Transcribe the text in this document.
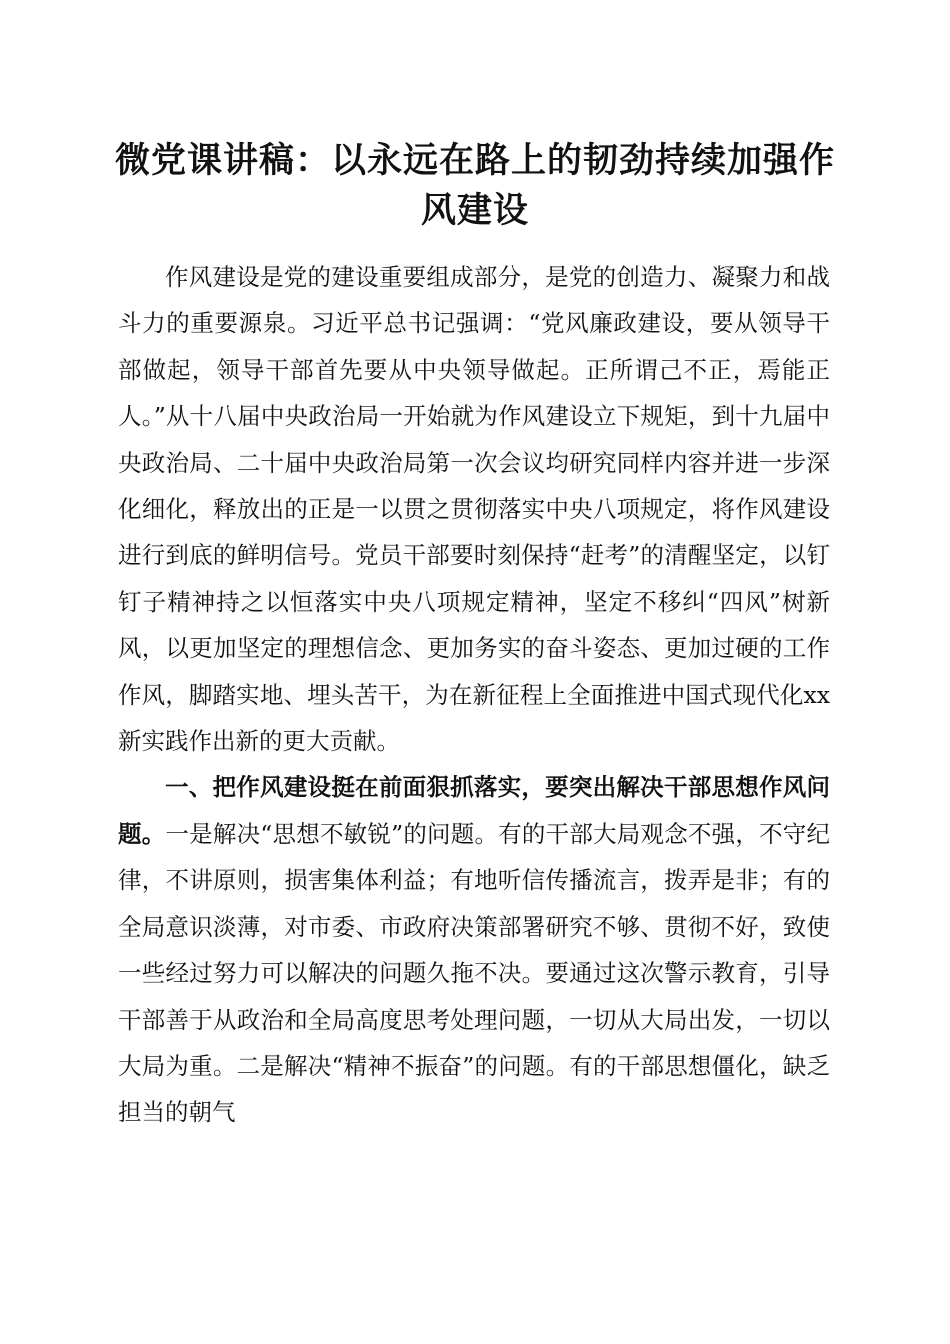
微党课讲稿：以永远在路上的韧劲持续加强作风建设

作风建设是党的建设重要组成部分，是党的创造力、凝聚力和战斗力的重要源泉。习近平总书记强调：“党风廉政建设，要从领导干部做起，领导干部首先要从中央领导做起。正所谓己不正，焉能正人。”从十八届中央政治局一开始就为作风建设立下规矩，到十九届中央政治局、二十届中央政治局第一次会议均研究同样内容并进一步深化细化，释放出的正是一以贯之贯彻落实中央八项规定，将作风建设进行到底的鲜明信号。党员干部要时刻保持“赶考”的清醒坚定，以钉钉子精神持之以恒落实中央八项规定精神，坚定不移纠“四风”树新风，以更加坚定的理想信念、更加务实的奋斗姿态、更加过硬的工作作风，脚踏实地、埋头苦干，为在新征程上全面推进中国式现代化xx新实践作出新的更大贡献。

一、把作风建设挺在前面狠抓落实，要突出解决干部思想作风问题。一是解决“思想不敏锐”的问题。有的干部大局观念不强，不守纪律，不讲原则，损害集体利益；有地听信传播流言，拨弄是非；有的全局意识淡薄，对市委、市政府决策部署研究不够、贯彻不好，致使一些经过努力可以解决的问题久拖不决。要通过这次警示教育，引导干部善于从政治和全局高度思考处理问题，一切从大局出发，一切以大局为重。二是解决“精神不振奋”的问题。有的干部思想僵化，缺乏担当的朝气
